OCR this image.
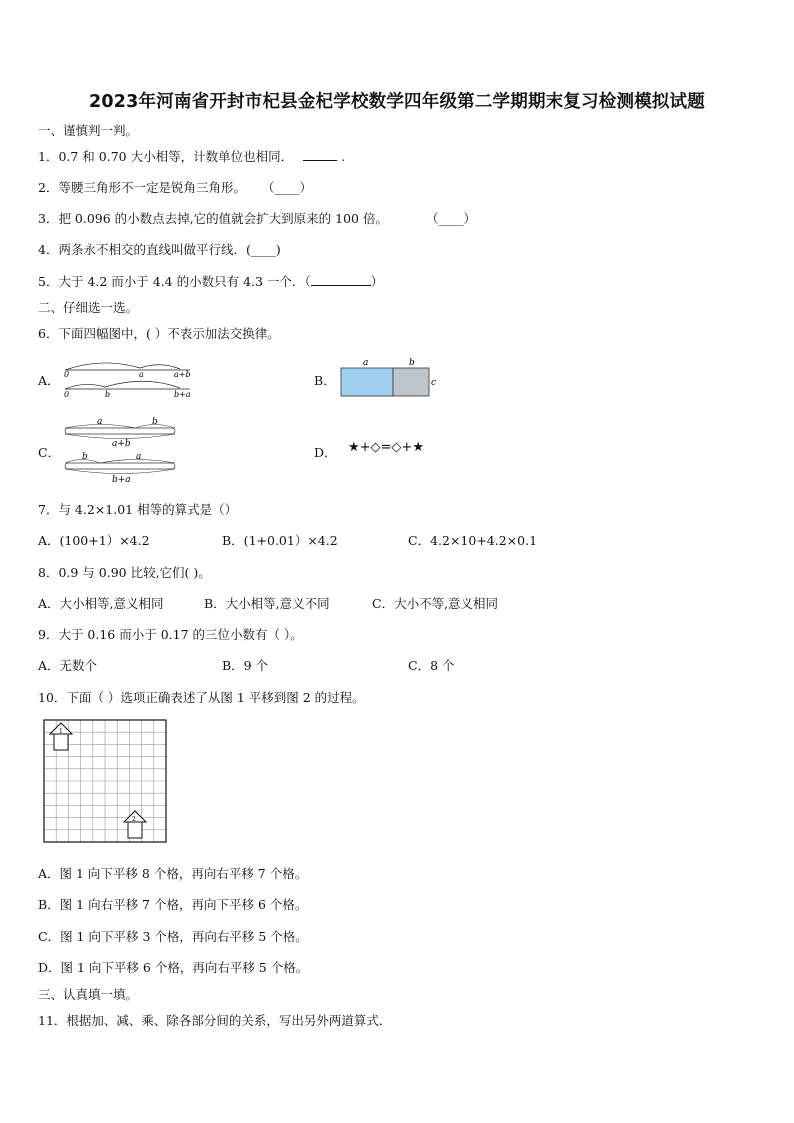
2023年河南省开封市杞县金杞学校数学四年级第二学期期末复习检测模拟试题
一、谨慎判一判。
1．0.7 和 0.70 大小相等，计数单位也相同．	.
2．等腰三角形不一定是锐角三角形。 （____）
3．把 0.096 的小数点去掉,它的值就会扩大到原来的 100 倍。	（____）
4．两条永不相交的直线叫做平行线．(____)
5．大于 4.2 而小于 4.4 的小数只有 4.3 一个．（	）
二、仔细选一选。
6．下面四幅图中，( ）不表示加法交换律。
A． 0	a	a+b
0	b	b+a
B．
a	b
c
C．
a	b
a+b
b	a
b+a
D． ★+◇=◇+★
7．与 4.2×1.01 相等的算式是（）
A．(100+1）×4.2	B．(1+0.01）×4.2	C．4.2×10+4.2×0.1
8．0.9 与 0.90 比较,它们( )。
A．大小相等,意义相同	B．大小相等,意义不同	C．大小不等,意义相同
9．大于 0.16 而小于 0.17 的三位小数有（ ）。
A．无数个	B．9 个	C．8 个
10．下面（ ）选项正确表述了从图 1 平移到图 2 的过程。
1
2
A．图 1 向下平移 8 个格，再向右平移 7 个格。
B．图 1 向右平移 7 个格，再向下平移 6 个格。
C．图 1 向下平移 3 个格，再向右平移 5 个格。
D．图 1 向下平移 6 个格，再向右平移 5 个格。
三、认真填一填。
11．根据加、减、乘、除各部分间的关系，写出另外两道算式．
